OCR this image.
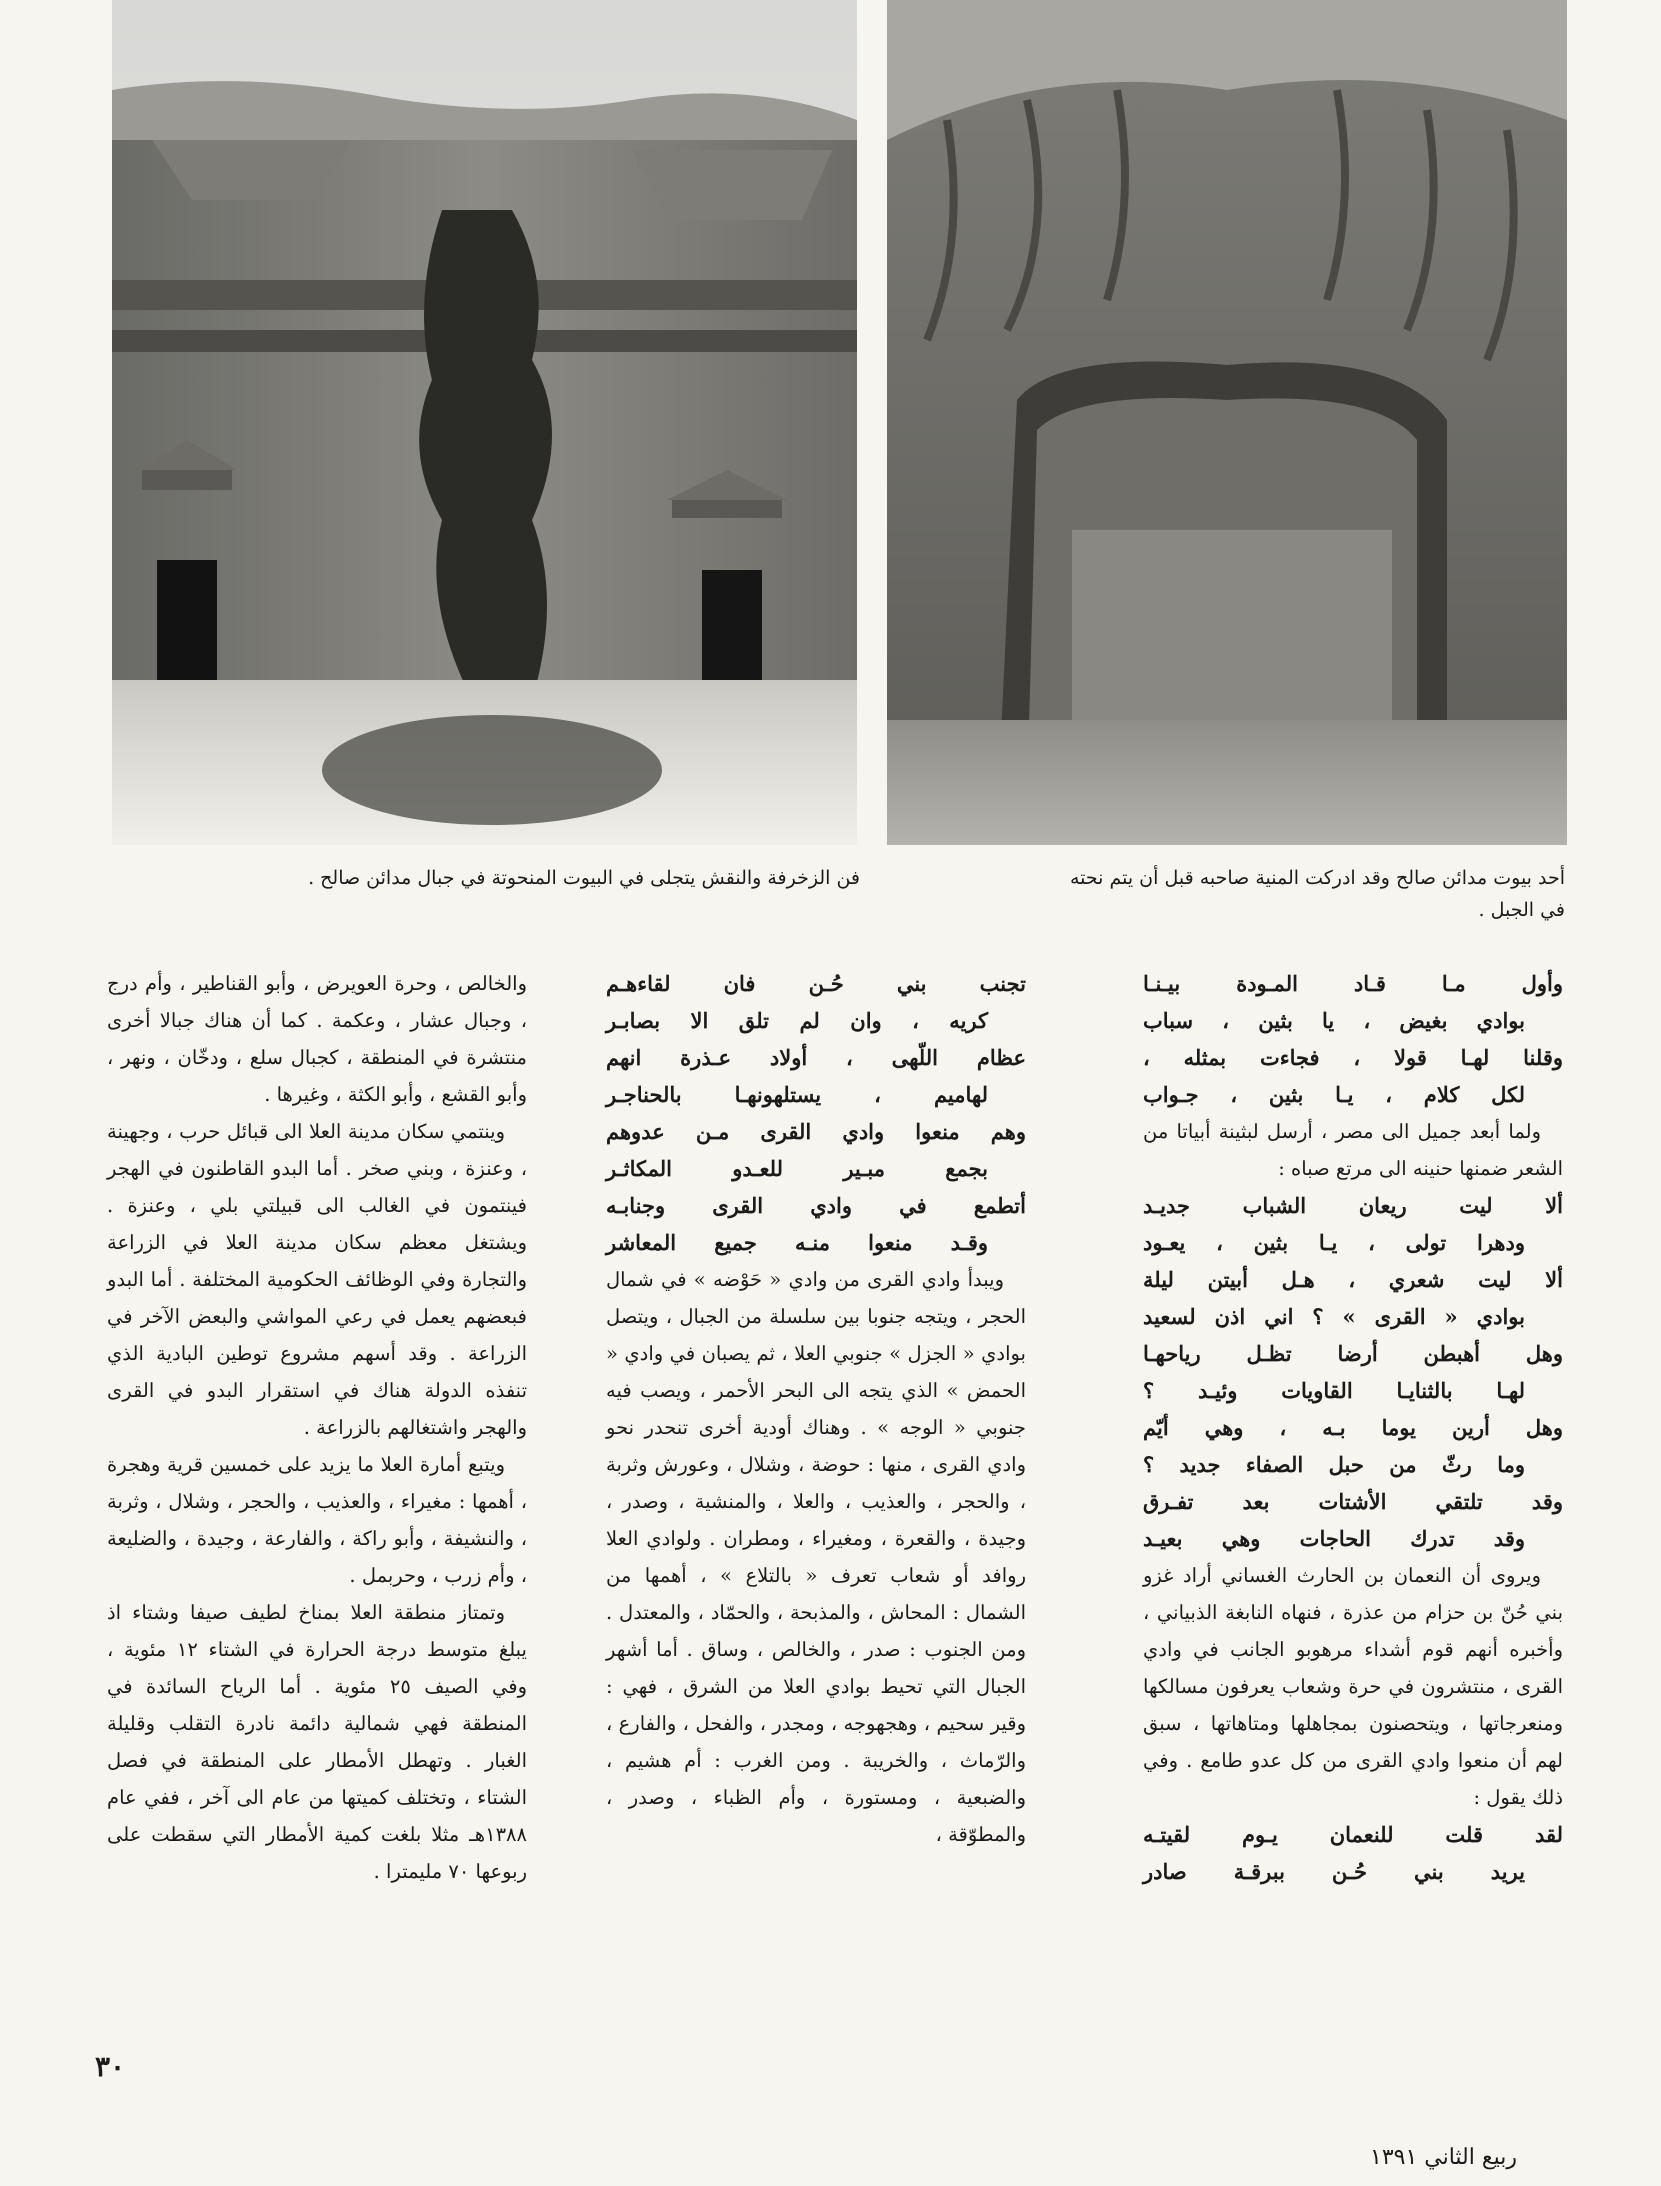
أحد بيوت مدائن صالح وقد ادركت المنية صاحبه قبل أن يتم نحته في الجبل .
فن الزخرفة والنقش يتجلى في البيوت المنحوتة في جبال مدائن صالح .
وأول مـا قـاد المـودة بيـنـا
بوادي بغيض ، يا بثين ، سباب
وقلنا لهـا قولا ، فجاءت بمثله ،
لكل كلام ، يـا بثين ، جـواب

ولما أبعد جميل الى مصر ، أرسل لبثينة أبياتا من الشعر ضمنها حنينه الى مرتع صباه :

ألا ليت ريعان الشباب جديـد
ودهرا تولى ، يـا بثين ، يعـود
ألا ليت شعري ، هـل أبيتن ليلة
بوادي « القرى » ؟ اني اذن لسعيد
وهل أهبطن أرضا تظـل رياحهـا
لهـا بالثنايـا القاويات وئيـد ؟
وهل أرين يوما بـه ، وهي أيّم
وما رثّ من حبل الصفاء جديد ؟
وقد تلتقي الأشتات بعد تفـرق
وقد تدرك الحاجات وهي بعيـد

ويروى أن النعمان بن الحارث الغساني أراد غزو بني حُنّ بن حزام من عذرة ، فنهاه النابغة الذبياني ، وأخبره أنهم قوم أشداء مرهوبو الجانب في وادي القرى ، منتشرون في حرة وشعاب يعرفون مسالكها ومنعرجاتها ، ويتحصنون بمجاهلها ومتاهاتها ، سبق لهم أن منعوا وادي القرى من كل عدو طامع . وفي ذلك يقول :

لقد قلت للنعمان يـوم لقيتـه
يريد بني حُـن ببرقـة صادر
تجنب بني حُـن فان لقاءهـم
كريه ، وان لم تلق الا بصابـر
عظام اللّهى ، أولاد عـذرة انهم
لهاميم ، يستلهونهـا بالحناجـر
وهم منعوا وادي القرى مـن عدوهم
بجمع مبـير للعـدو المكاثـر
أتطمع في وادي القرى وجنابـه
وقـد منعوا منـه جميع المعاشر

ويبدأ وادي القرى من وادي « حَوْضه » في شمال الحجر ، ويتجه جنوبا بين سلسلة من الجبال ، ويتصل بوادي « الجزل » جنوبي العلا ، ثم يصبان في وادي « الحمض » الذي يتجه الى البحر الأحمر ، ويصب فيه جنوبي « الوجه » . وهناك أودية أخرى تنحدر نحو وادي القرى ، منها : حوضة ، وشلال ، وعورش وثربة ، والحجر ، والعذيب ، والعلا ، والمنشية ، وصدر ، وجيدة ، والقعرة ، ومغيراء ، ومطران . ولوادي العلا روافد أو شعاب تعرف « بالتلاع » ، أهمها من الشمال : المحاش ، والمذبحة ، والحمّاد ، والمعتدل . ومن الجنوب : صدر ، والخالص ، وساق . أما أشهر الجبال التي تحيط بوادي العلا من الشرق ، فهي : وقير سحيم ، وهجهوجه ، ومجدر ، والفحل ، والفارع ، والرّماث ، والخريبة . ومن الغرب : أم هشيم ، والضبعية ، ومستورة ، وأم الظباء ، وصدر ، والمطوّقة ،

والخالص ، وحرة العويرض ، وأبو القناطير ، وأم درج ، وجبال عشار ، وعكمة . كما أن هناك جبالا أخرى منتشرة في المنطقة ، كجبال سلع ، ودخّان ، ونهر ، وأبو القشع ، وأبو الكثة ، وغيرها .

وينتمي سكان مدينة العلا الى قبائل حرب ، وجهينة ، وعنزة ، وبني صخر . أما البدو القاطنون في الهجر فينتمون في الغالب الى قبيلتي بلي ، وعنزة . ويشتغل معظم سكان مدينة العلا في الزراعة والتجارة وفي الوظائف الحكومية المختلفة . أما البدو فبعضهم يعمل في رعي المواشي والبعض الآخر في الزراعة . وقد أسهم مشروع توطين البادية الذي تنفذه الدولة هناك في استقرار البدو في القرى والهجر واشتغالهم بالزراعة .

ويتبع أمارة العلا ما يزيد على خمسين قرية وهجرة ، أهمها : مغيراء ، والعذيب ، والحجر ، وشلال ، وثربة ، والنشيفة ، وأبو راكة ، والفارعة ، وجيدة ، والضليعة ، وأم زرب ، وحربمل .

وتمتاز منطقة العلا بمناخ لطيف صيفا وشتاء اذ يبلغ متوسط درجة الحرارة في الشتاء ١٢ مئوية ، وفي الصيف ٢٥ مئوية . أما الرياح السائدة في المنطقة فهي شمالية دائمة نادرة التقلب وقليلة الغبار . وتهطل الأمطار على المنطقة في فصل الشتاء ، وتختلف كميتها من عام الى آخر ، ففي عام ١٣٨٨هـ مثلا بلغت كمية الأمطار التي سقطت على ربوعها ٧٠ مليمترا .

٣٠
ربيع الثاني ١٣٩١
